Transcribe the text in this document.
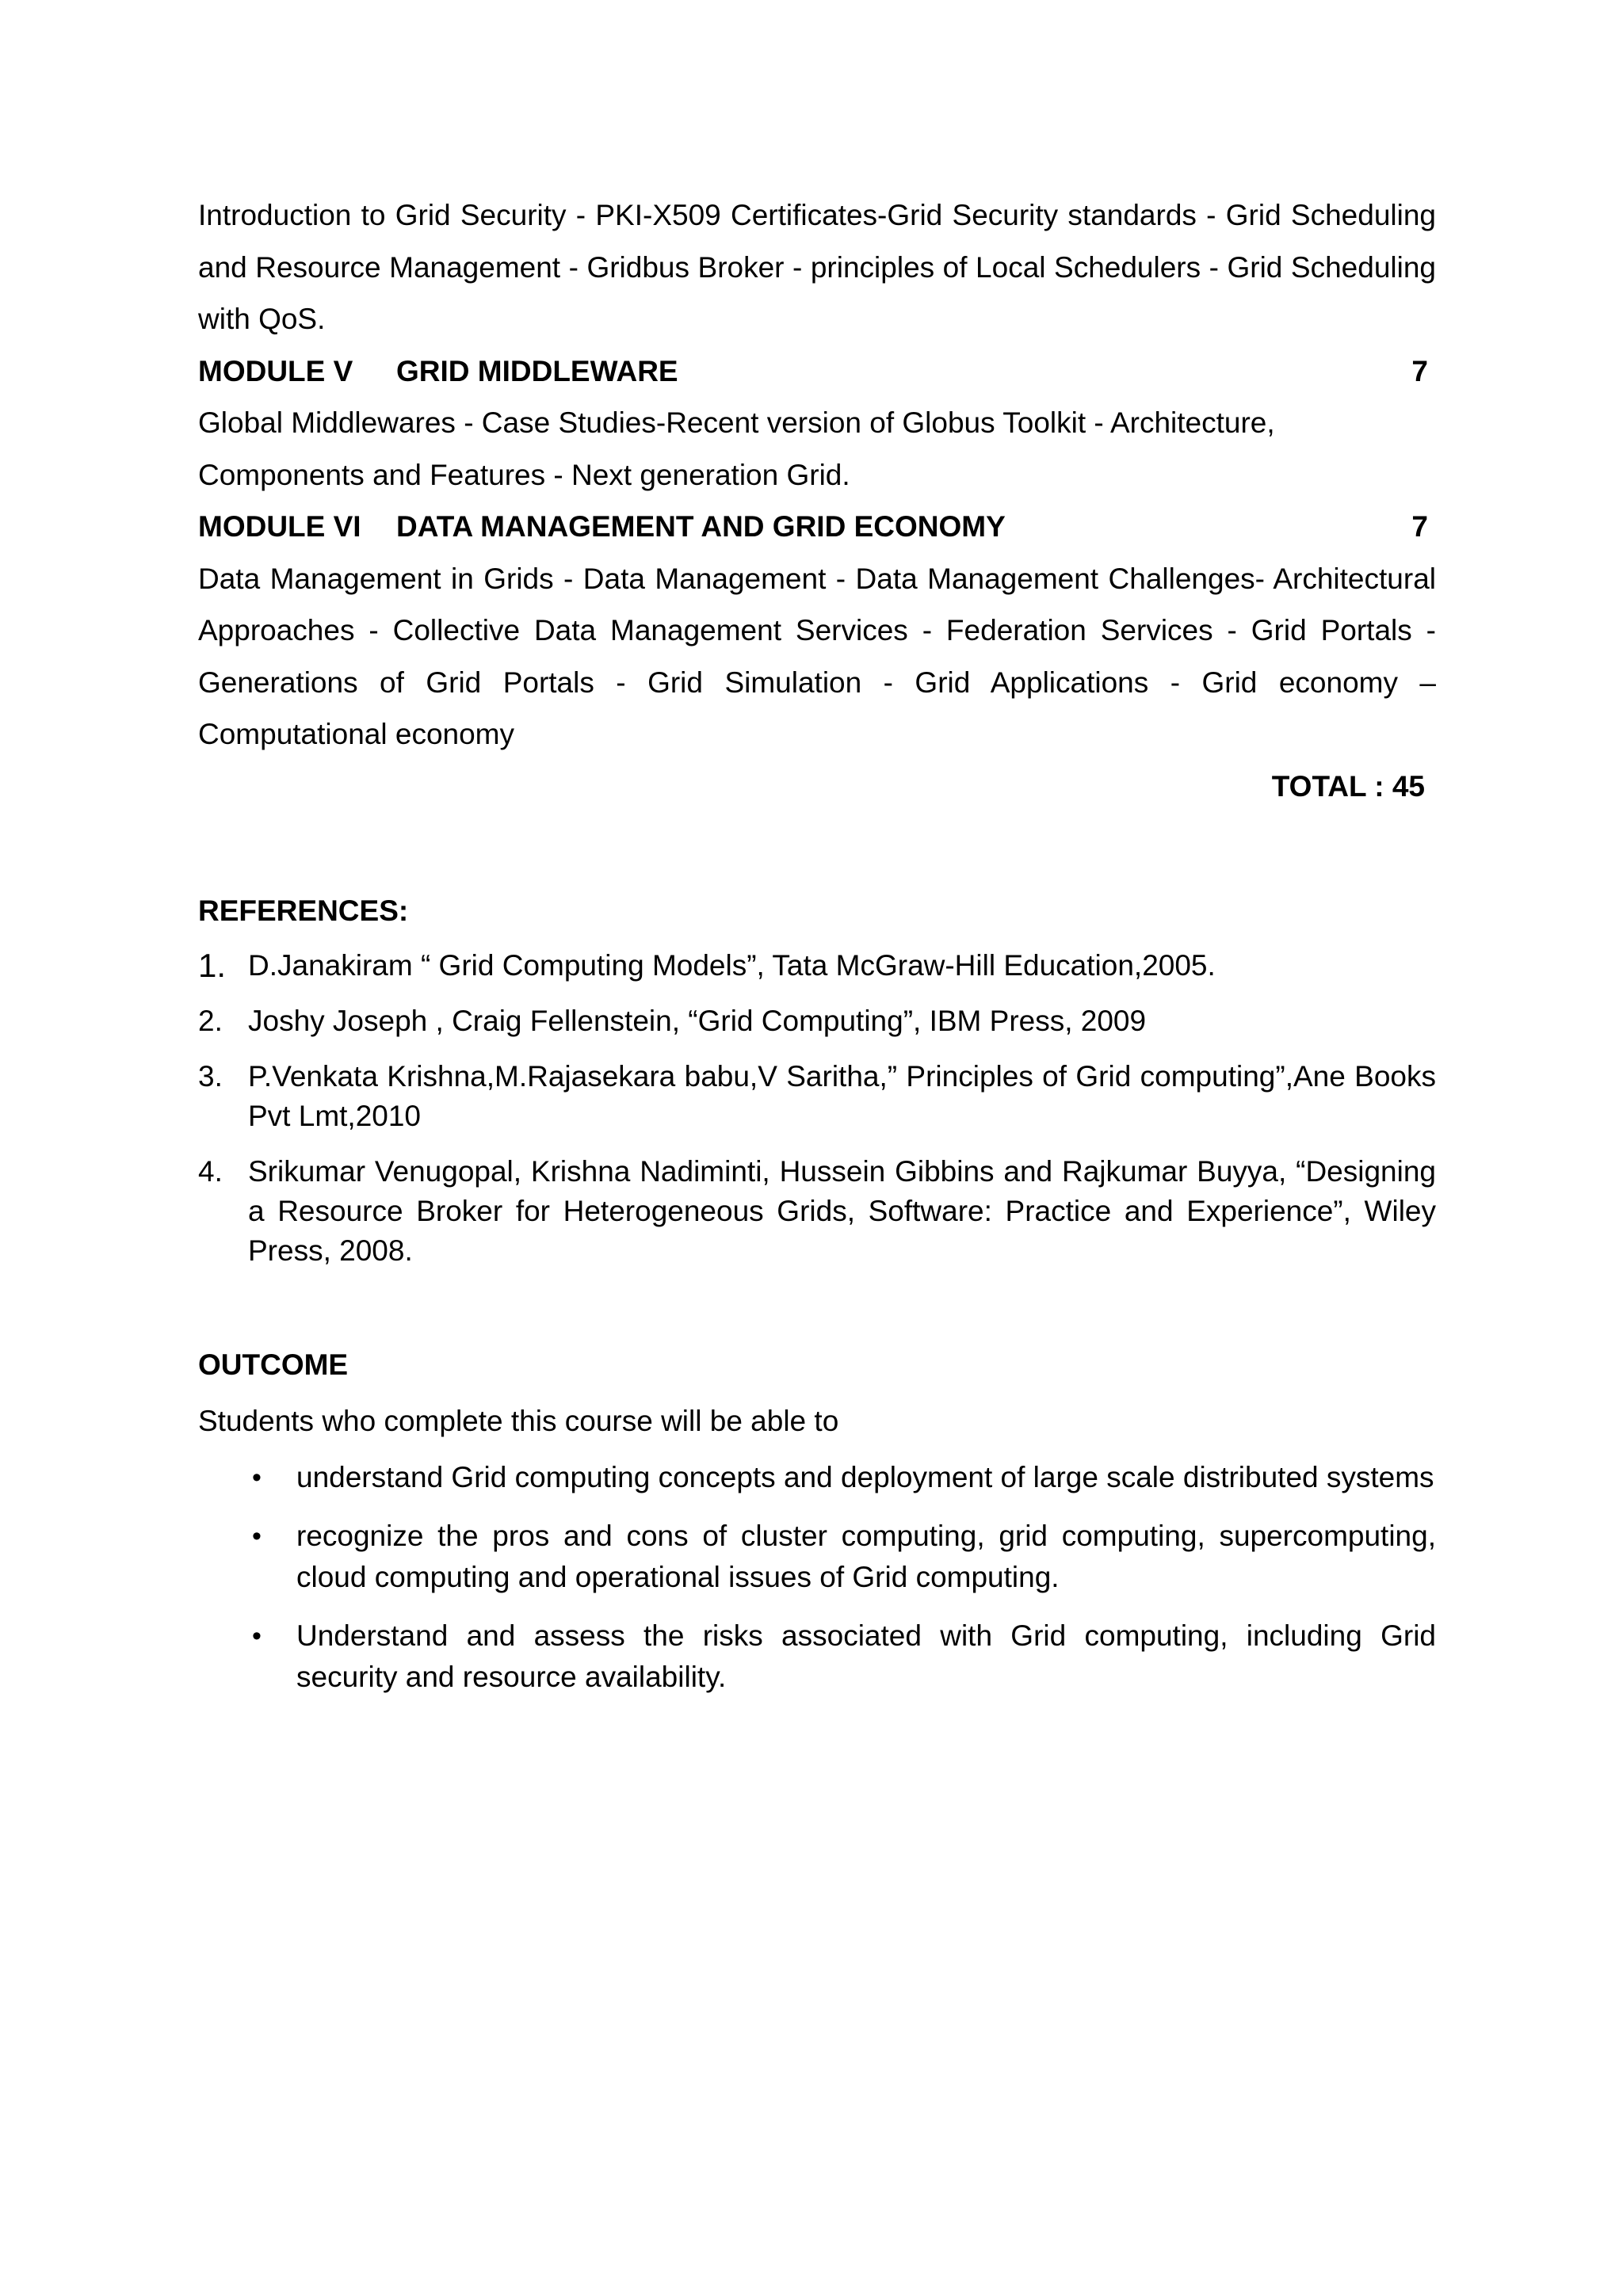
Introduction to Grid Security - PKI-X509 Certificates-Grid Security standards - Grid Scheduling and Resource Management - Gridbus Broker - principles of Local Schedulers - Grid Scheduling with QoS.

MODULE V GRID MIDDLEWARE	7

Global Middlewares - Case Studies-Recent version of Globus Toolkit - Architecture,

Components and Features - Next generation Grid.

MODULE VI DATA MANAGEMENT AND GRID ECONOMY	7

Data Management in Grids - Data Management - Data Management Challenges- Architectural Approaches - Collective Data Management Services - Federation Services - Grid Portals - Generations of Grid Portals - Grid Simulation - Grid Applications - Grid economy – Computational economy

TOTAL : 45

REFERENCES:

1. D.Janakiram “ Grid Computing Models”, Tata McGraw-Hill Education,2005.
2. Joshy Joseph , Craig Fellenstein, “Grid Computing”, IBM Press, 2009
3. P.Venkata Krishna,M.Rajasekara babu,V Saritha,” Principles of Grid computing”,Ane Books Pvt Lmt,2010
4. Srikumar Venugopal, Krishna Nadiminti, Hussein Gibbins and Rajkumar Buyya, “Designing a Resource Broker for Heterogeneous Grids, Software: Practice and Experience”, Wiley Press, 2008.

OUTCOME

Students who complete this course will be able to

• understand Grid computing concepts and deployment of large scale distributed systems
• recognize the pros and cons of cluster computing, grid computing, supercomputing, cloud computing and operational issues of Grid computing.
• Understand and assess the risks associated with Grid computing, including Grid security and resource availability.
